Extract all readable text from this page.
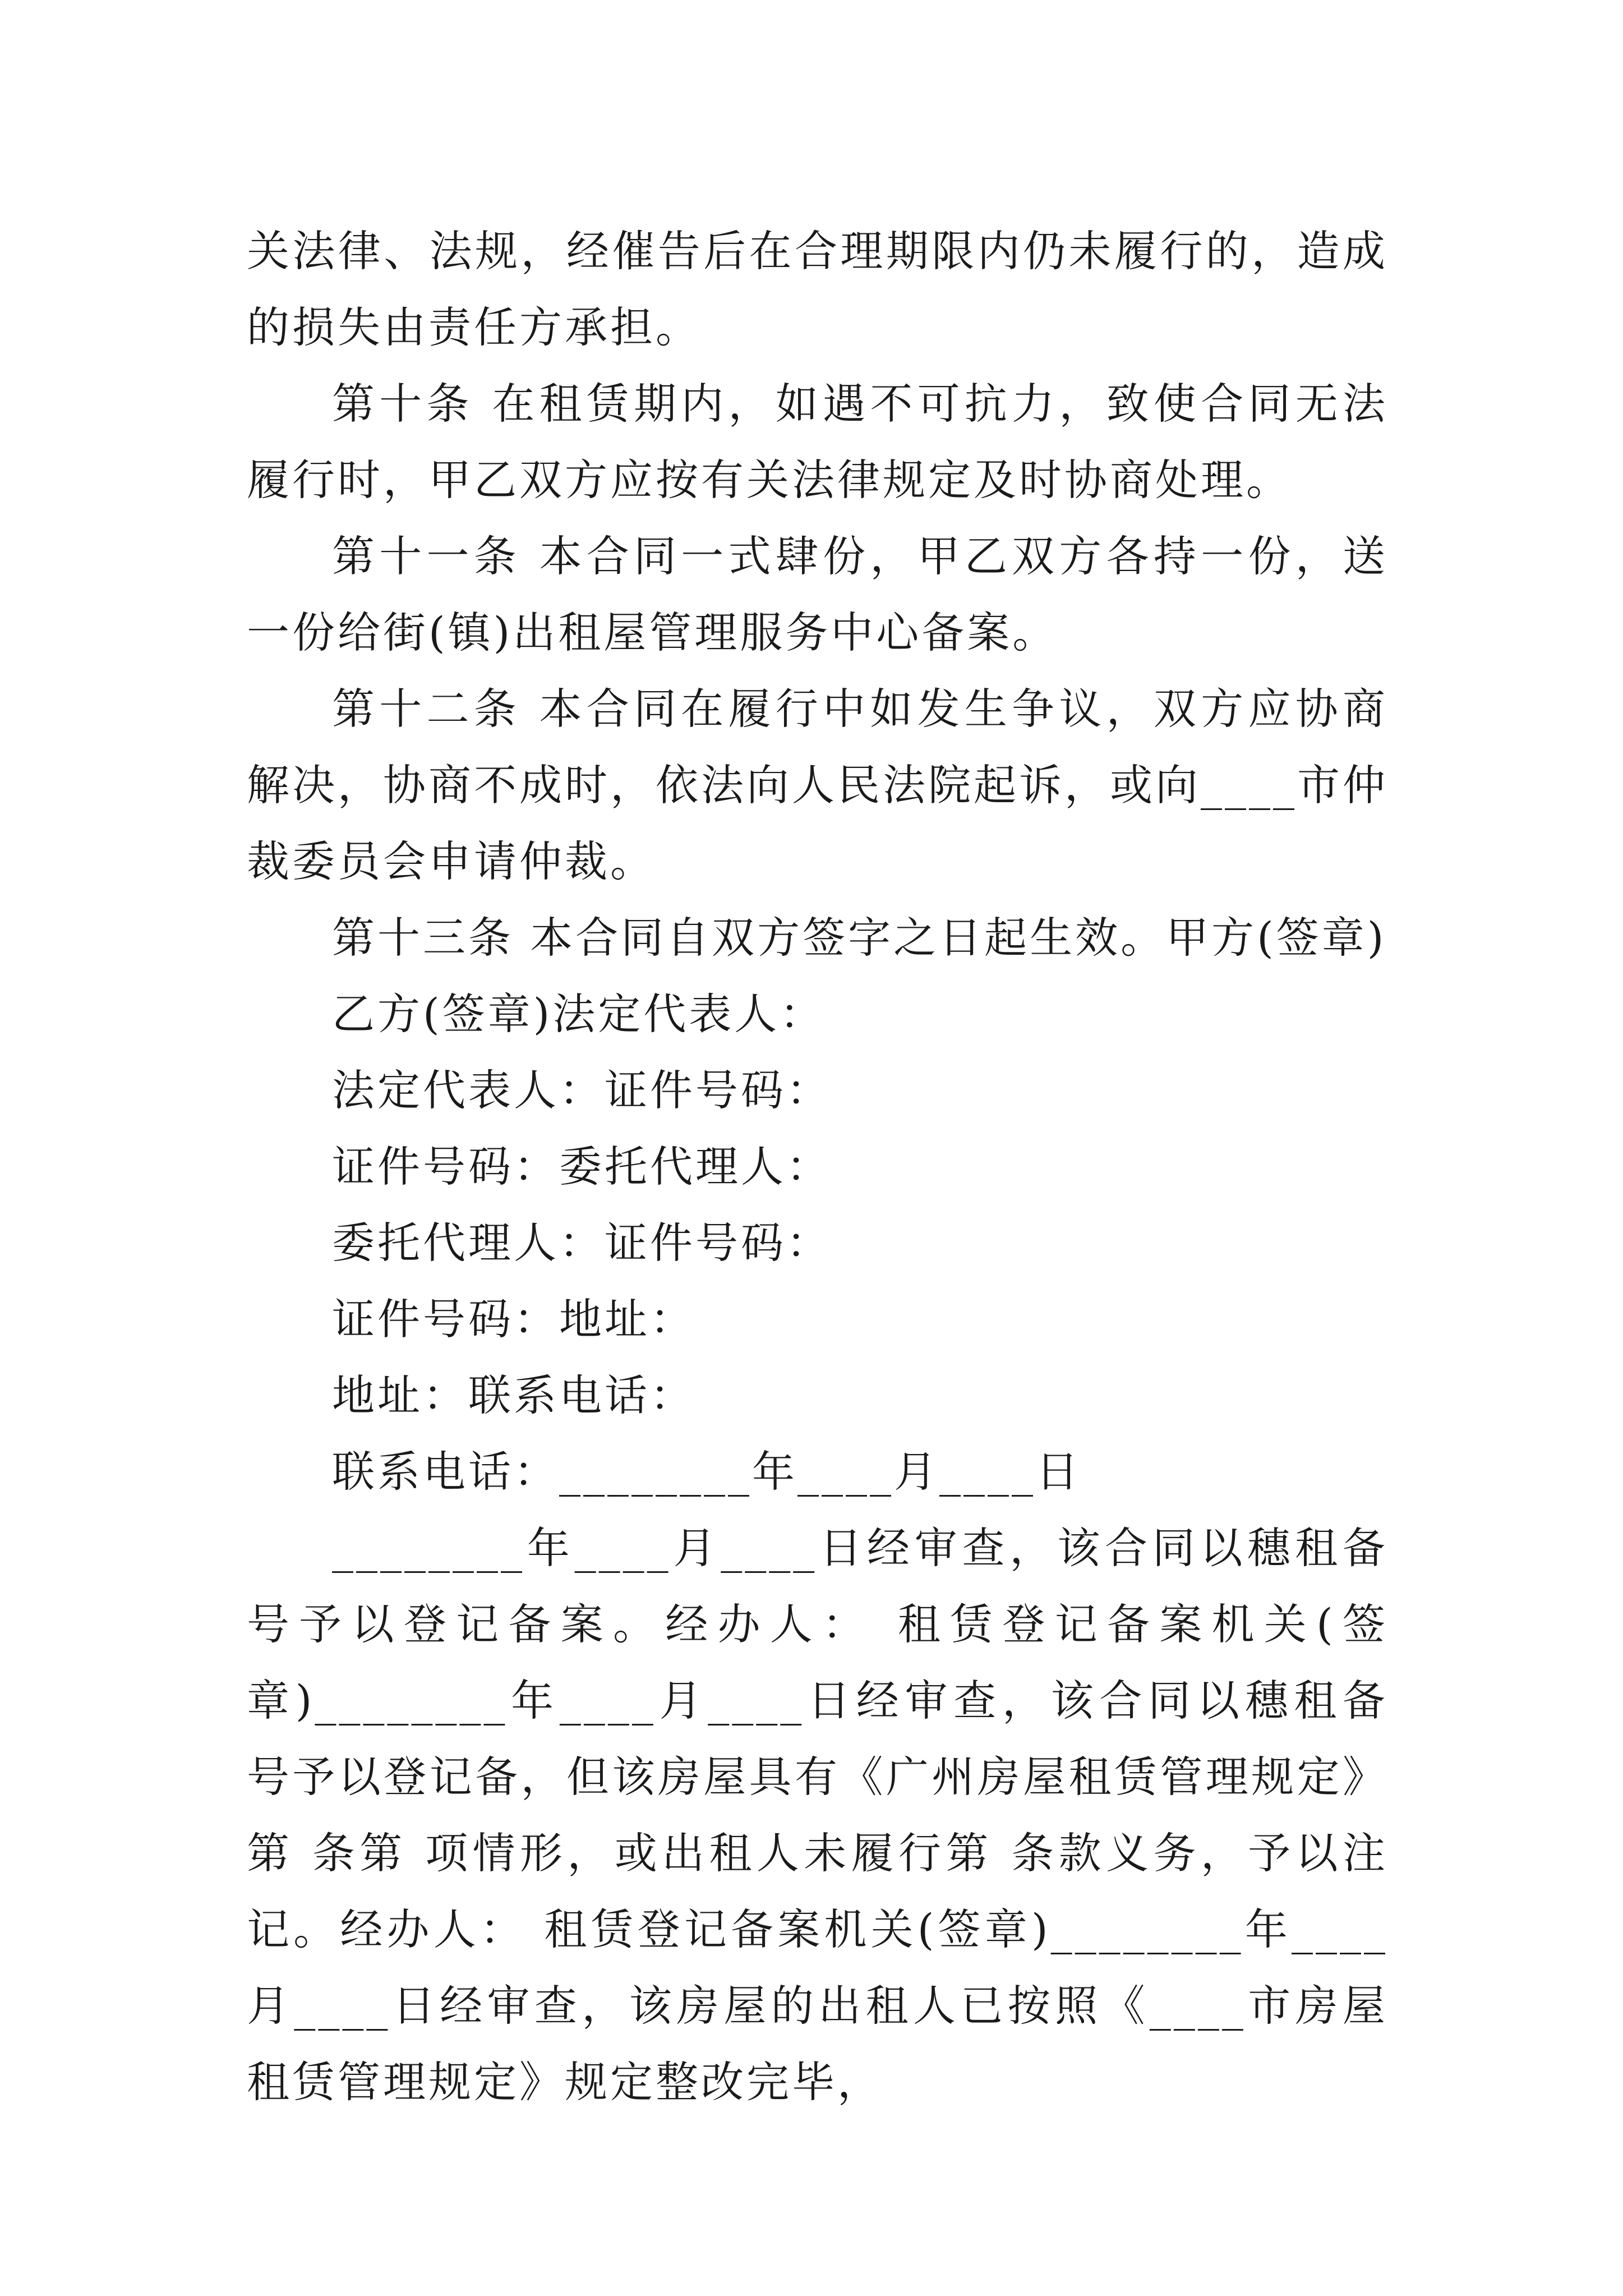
关法律、法规，经催告后在合理期限内仍未履行的，造成的损失由责任方承担。

第十条 在租赁期内，如遇不可抗力，致使合同无法履行时，甲乙双方应按有关法律规定及时协商处理。

第十一条 本合同一式肆份，甲乙双方各持一份，送一份给街(镇)出租屋管理服务中心备案。

第十二条 本合同在履行中如发生争议，双方应协商解决，协商不成时，依法向人民法院起诉，或向____市仲裁委员会申请仲裁。

第十三条 本合同自双方签字之日起生效。甲方(签章)

乙方(签章)法定代表人：

法定代表人：证件号码：

证件号码：委托代理人：

委托代理人：证件号码：

证件号码：地址：

地址：联系电话：

联系电话：________年____月____日

________年____月____日经审查，该合同以穗租备 号予以登记备案。经办人： 租赁登记备案机关(签章)________年____月____日经审查，该合同以穗租备 号予以登记备，但该房屋具有《广州房屋租赁管理规定》第 条第 项情形，或出租人未履行第 条款义务，予以注记。经办人： 租赁登记备案机关(签章)________年____月____日经审查，该房屋的出租人已按照《____市房屋租赁管理规定》规定整改完毕，
